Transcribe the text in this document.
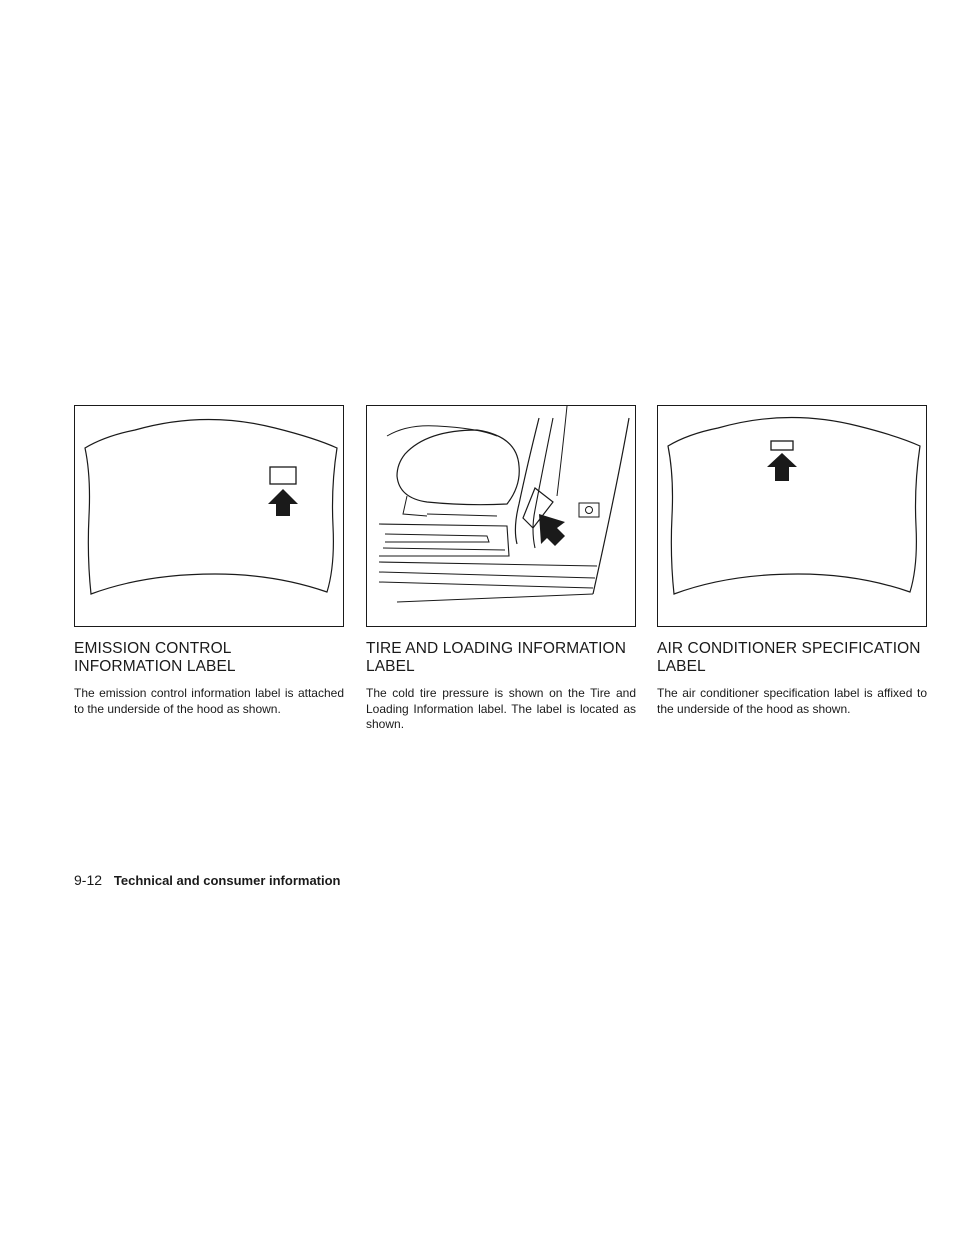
EMISSION CONTROL
INFORMATION LABEL

The emission control information label is attached to the underside of the hood as shown.

TIRE AND LOADING INFORMATION
LABEL

The cold tire pressure is shown on the Tire and Loading Information label. The label is located as shown.

AIR CONDITIONER SPECIFICATION
LABEL

The air conditioner specification label is affixed to the underside of the hood as shown.

9-12 Technical and consumer information
